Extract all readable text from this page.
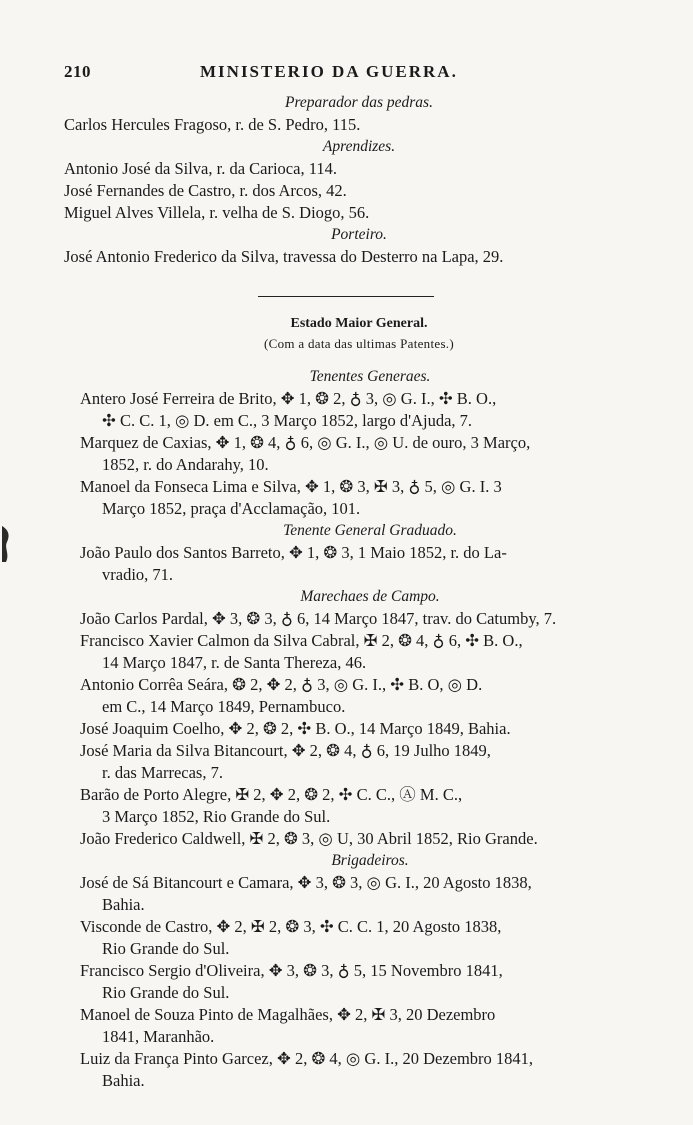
210	MINISTERIO DA GUERRA.
Preparador das pedras.
Carlos Hercules Fragoso, r. de S. Pedro, 115.
Aprendizes.
Antonio José da Silva, r. da Carioca, 114.
José Fernandes de Castro, r. dos Arcos, 42.
Miguel Alves Villela, r. velha de S. Diogo, 56.
Porteiro.
José Antonio Frederico da Silva, travessa do Desterro na Lapa, 29.
Estado Maior General.
(Com a data das ultimas Patentes.)
Tenentes Generaes.
Antero José Ferreira de Brito, ✥ 1, ❂ 2, ♁ 3, ◎ G. I., ✣ B. O.,
✣ C. C. 1, ◎ D. em C., 3 Março 1852, largo d'Ajuda, 7.
Marquez de Caxias, ✥ 1, ❂ 4, ♁ 6, ◎ G. I., ◎ U. de ouro, 3 Março,
1852, r. do Andarahy, 10.
Manoel da Fonseca Lima e Silva, ✥ 1, ❂ 3, ✠ 3, ♁ 5, ◎ G. I. 3
Março 1852, praça d'Acclamação, 101.
Tenente General Graduado.
João Paulo dos Santos Barreto, ✥ 1, ❂ 3, 1 Maio 1852, r. do La-
vradio, 71.
Marechaes de Campo.
João Carlos Pardal, ✥ 3, ❂ 3, ♁ 6, 14 Março 1847, trav. do Catumby, 7.
Francisco Xavier Calmon da Silva Cabral, ✠ 2, ❂ 4, ♁ 6, ✣ B. O.,
14 Março 1847, r. de Santa Thereza, 46.
Antonio Corrêa Seára, ❂ 2, ✥ 2, ♁ 3, ◎ G. I., ✣ B. O, ◎ D.
em C., 14 Março 1849, Pernambuco.
José Joaquim Coelho, ✥ 2, ❂ 2, ✣ B. O., 14 Março 1849, Bahia.
José Maria da Silva Bitancourt, ✥ 2, ❂ 4, ♁ 6, 19 Julho 1849,
r. das Marrecas, 7.
Barão de Porto Alegre, ✠ 2, ✥ 2, ❂ 2, ✣ C. C., Ⓐ M. C.,
3 Março 1852, Rio Grande do Sul.
João Frederico Caldwell, ✠ 2, ❂ 3, ◎ U, 30 Abril 1852, Rio Grande.
Brigadeiros.
José de Sá Bitancourt e Camara, ✥ 3, ❂ 3, ◎ G. I., 20 Agosto 1838,
Bahia.
Visconde de Castro, ✥ 2, ✠ 2, ❂ 3, ✣ C. C. 1, 20 Agosto 1838,
Rio Grande do Sul.
Francisco Sergio d'Oliveira, ✥ 3, ❂ 3, ♁ 5, 15 Novembro 1841,
Rio Grande do Sul.
Manoel de Souza Pinto de Magalhães, ✥ 2, ✠ 3, 20 Dezembro
1841, Maranhão.
Luiz da França Pinto Garcez, ✥ 2, ❂ 4, ◎ G. I., 20 Dezembro 1841,
Bahia.
